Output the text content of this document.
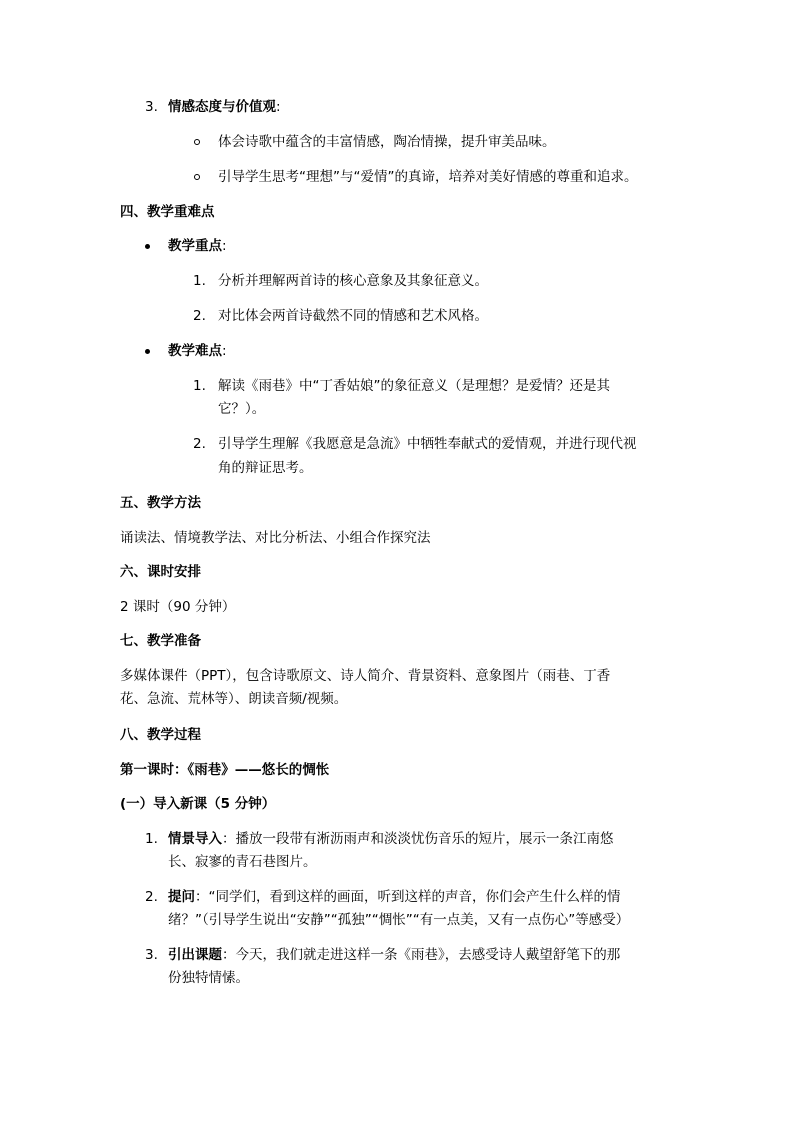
3. 情感态度与价值观:
体会诗歌中蕴含的丰富情感，陶冶情操，提升审美品味。
引导学生思考“理想”与“爱情”的真谛，培养对美好情感的尊重和追求。
四、教学重难点
教学重点:
1. 分析并理解两首诗的核心意象及其象征意义。
2. 对比体会两首诗截然不同的情感和艺术风格。
教学难点:
1. 解读《雨巷》中“丁香姑娘”的象征意义（是理想？是爱情？还是其
它？）。
2. 引导学生理解《我愿意是急流》中牺牲奉献式的爱情观，并进行现代视
角的辩证思考。
五、教学方法
诵读法、情境教学法、对比分析法、小组合作探究法
六、课时安排
2 课时（90 分钟）
七、教学准备
多媒体课件（PPT），包含诗歌原文、诗人简介、背景资料、意象图片（雨巷、丁香
花、急流、荒林等）、朗读音频/视频。
八、教学过程
第一课时：《雨巷》——悠长的惆怅
(一）导入新课（5 分钟）
1. 情景导入：播放一段带有淅沥雨声和淡淡忧伤音乐的短片，展示一条江南悠
长、寂寥的青石巷图片。
2. 提问：“同学们，看到这样的画面，听到这样的声音，你们会产生什么样的情
绪？”（引导学生说出“安静”“孤独”“惆怅”“有一点美，又有一点伤心”等感受）
3. 引出课题：今天，我们就走进这样一条《雨巷》，去感受诗人戴望舒笔下的那
份独特情愫。
